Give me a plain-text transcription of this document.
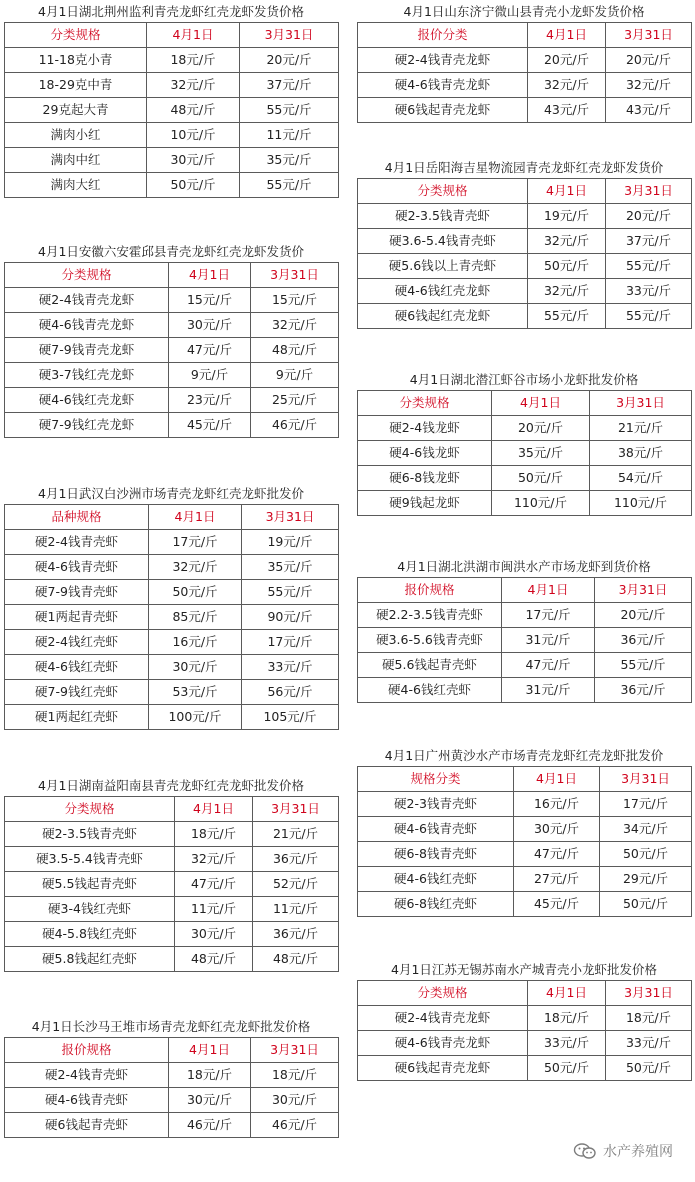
4月1日湖北荆州监利青壳龙虾红壳龙虾发货价格
分类规格	4月1日	3月31日
11-18克小青	18元/斤	20元/斤
18-29克中青	32元/斤	37元/斤
29克起大青	48元/斤	55元/斤
满肉小红	10元/斤	11元/斤
满肉中红	30元/斤	35元/斤
满肉大红	50元/斤	55元/斤
4月1日安徽六安霍邱县青壳龙虾红壳龙虾发货价
分类规格	4月1日	3月31日
硬2-4钱青壳龙虾	15元/斤	15元/斤
硬4-6钱青壳龙虾	30元/斤	32元/斤
硬7-9钱青壳龙虾	47元/斤	48元/斤
硬3-7钱红壳龙虾	9元/斤	9元/斤
硬4-6钱红壳龙虾	23元/斤	25元/斤
硬7-9钱红壳龙虾	45元/斤	46元/斤
4月1日武汉白沙洲市场青壳龙虾红壳龙虾批发价
品种规格	4月1日	3月31日
硬2-4钱青壳虾	17元/斤	19元/斤
硬4-6钱青壳虾	32元/斤	35元/斤
硬7-9钱青壳虾	50元/斤	55元/斤
硬1两起青壳虾	85元/斤	90元/斤
硬2-4钱红壳虾	16元/斤	17元/斤
硬4-6钱红壳虾	30元/斤	33元/斤
硬7-9钱红壳虾	53元/斤	56元/斤
硬1两起红壳虾	100元/斤	105元/斤
4月1日湖南益阳南县青壳龙虾红壳龙虾批发价格
分类规格	4月1日	3月31日
硬2-3.5钱青壳虾	18元/斤	21元/斤
硬3.5-5.4钱青壳虾	32元/斤	36元/斤
硬5.5钱起青壳虾	47元/斤	52元/斤
硬3-4钱红壳虾	11元/斤	11元/斤
硬4-5.8钱红壳虾	30元/斤	36元/斤
硬5.8钱起红壳虾	48元/斤	48元/斤
4月1日长沙马王堆市场青壳龙虾红壳龙虾批发价格
报价规格	4月1日	3月31日
硬2-4钱青壳虾	18元/斤	18元/斤
硬4-6钱青壳虾	30元/斤	30元/斤
硬6钱起青壳虾	46元/斤	46元/斤
4月1日山东济宁微山县青壳小龙虾发货价格
报价分类	4月1日	3月31日
硬2-4钱青壳龙虾	20元/斤	20元/斤
硬4-6钱青壳龙虾	32元/斤	32元/斤
硬6钱起青壳龙虾	43元/斤	43元/斤
4月1日岳阳海吉星物流园青壳龙虾红壳龙虾发货价
分类规格	4月1日	3月31日
硬2-3.5钱青壳虾	19元/斤	20元/斤
硬3.6-5.4钱青壳虾	32元/斤	37元/斤
硬5.6钱以上青壳虾	50元/斤	55元/斤
硬4-6钱红壳龙虾	32元/斤	33元/斤
硬6钱起红壳龙虾	55元/斤	55元/斤
4月1日湖北潜江虾谷市场小龙虾批发价格
分类规格	4月1日	3月31日
硬2-4钱龙虾	20元/斤	21元/斤
硬4-6钱龙虾	35元/斤	38元/斤
硬6-8钱龙虾	50元/斤	54元/斤
硬9钱起龙虾	110元/斤	110元/斤
4月1日湖北洪湖市闽洪水产市场龙虾到货价格
报价规格	4月1日	3月31日
硬2.2-3.5钱青壳虾	17元/斤	20元/斤
硬3.6-5.6钱青壳虾	31元/斤	36元/斤
硬5.6钱起青壳虾	47元/斤	55元/斤
硬4-6钱红壳虾	31元/斤	36元/斤
4月1日广州黄沙水产市场青壳龙虾红壳龙虾批发价
规格分类	4月1日	3月31日
硬2-3钱青壳虾	16元/斤	17元/斤
硬4-6钱青壳虾	30元/斤	34元/斤
硬6-8钱青壳虾	47元/斤	50元/斤
硬4-6钱红壳虾	27元/斤	29元/斤
硬6-8钱红壳虾	45元/斤	50元/斤
4月1日江苏无锡苏南水产城青壳小龙虾批发价格
分类规格	4月1日	3月31日
硬2-4钱青壳龙虾	18元/斤	18元/斤
硬4-6钱青壳龙虾	33元/斤	33元/斤
硬6钱起青壳龙虾	50元/斤	50元/斤
水产养殖网
